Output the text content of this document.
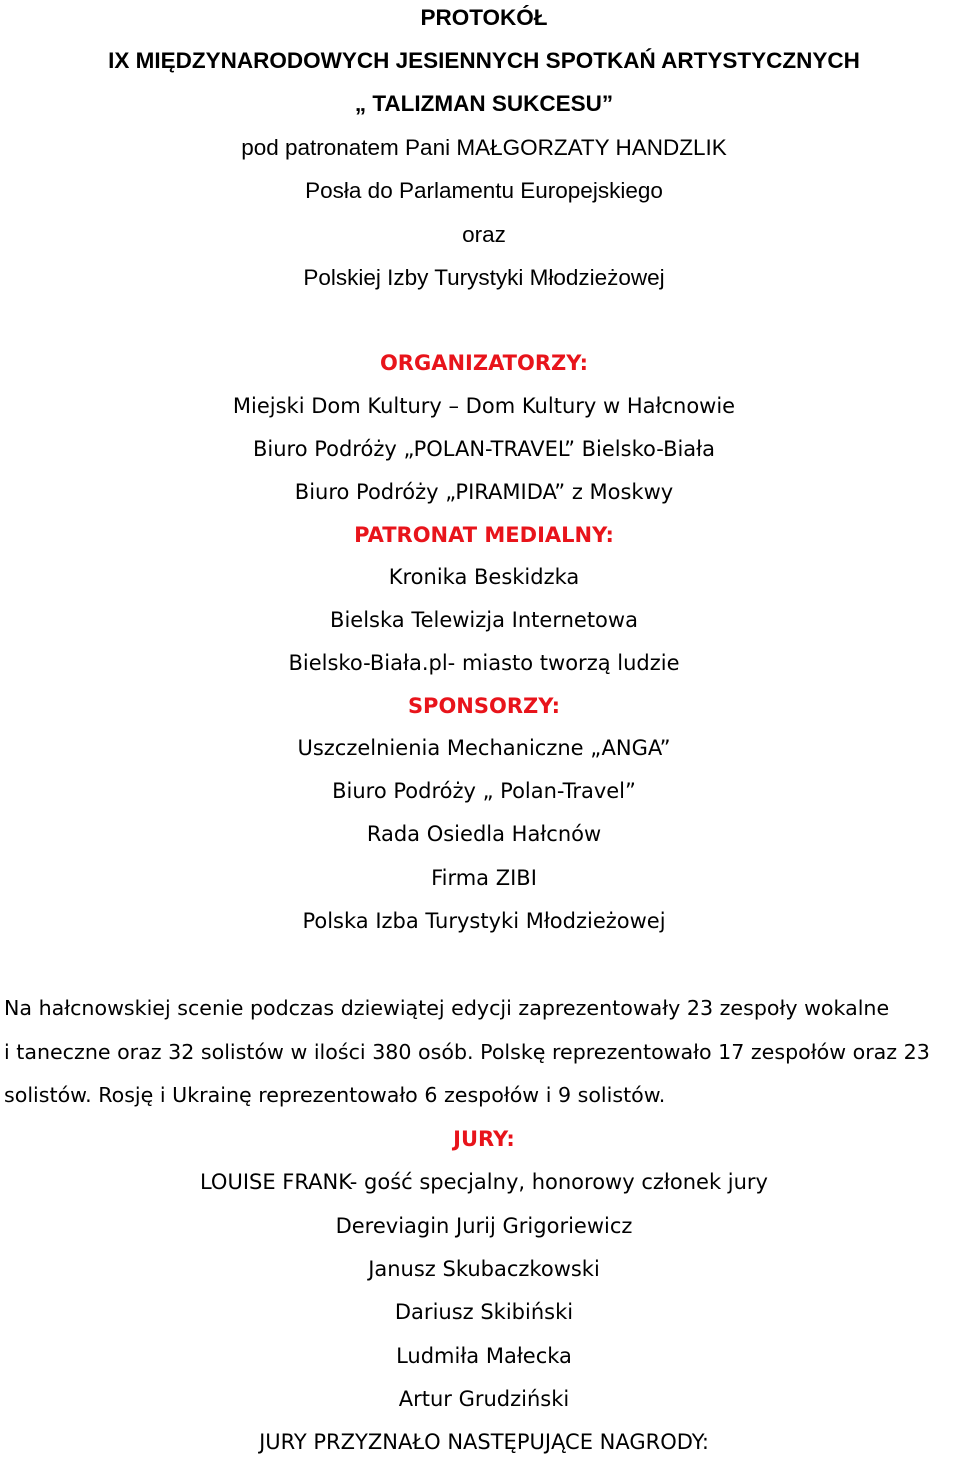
PROTOKÓŁ
IX MIĘDZYNARODOWYCH JESIENNYCH SPOTKAŃ ARTYSTYCZNYCH
„ TALIZMAN SUKCESU”
pod patronatem Pani MAŁGORZATY HANDZLIK
Posła do Parlamentu Europejskiego
oraz
Polskiej Izby Turystyki Młodzieżowej
ORGANIZATORZY:
Miejski Dom Kultury – Dom Kultury w Hałcnowie
Biuro Podróży „POLAN-TRAVEL” Bielsko-Biała
Biuro Podróży „PIRAMIDA” z Moskwy
PATRONAT MEDIALNY:
Kronika Beskidzka
Bielska Telewizja Internetowa
Bielsko-Biała.pl- miasto tworzą ludzie
SPONSORZY:
Uszczelnienia Mechaniczne „ANGA”
Biuro Podróży „ Polan-Travel”
Rada Osiedla Hałcnów
Firma ZIBI
Polska Izba Turystyki Młodzieżowej
Na hałcnowskiej scenie podczas dziewiątej edycji zaprezentowały 23 zespoły wokalne
i taneczne oraz 32 solistów w ilości 380 osób. Polskę reprezentowało 17 zespołów oraz 23
solistów. Rosję i Ukrainę reprezentowało 6 zespołów i 9 solistów.
JURY:
LOUISE FRANK- gość specjalny, honorowy członek jury
Dereviagin Jurij Grigoriewicz
Janusz Skubaczkowski
Dariusz Skibiński
Ludmiła Małecka
Artur Grudziński
JURY PRZYZNAŁO NASTĘPUJĄCE NAGRODY:
